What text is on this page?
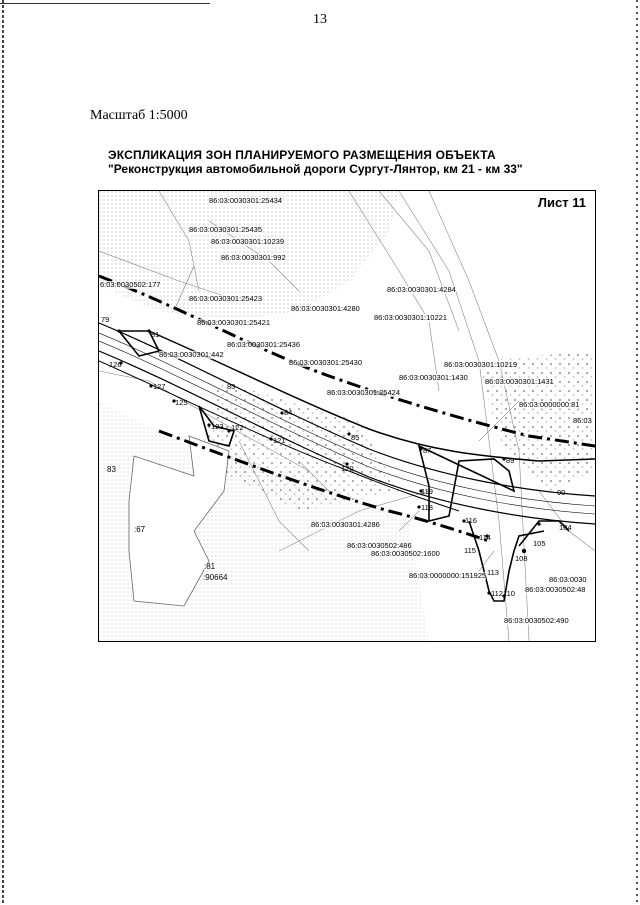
13
Масштаб 1:5000
ЭКСПЛИКАЦИЯ ЗОН ПЛАНИРУЕМОГО РАЗМЕЩЕНИЯ ОБЪЕКТА
"Реконструкция автомобильной дороги Сургут-Лянтор, км 21 - км 33"
Лист 11
86:03:0030301:25434
86:03:0030301:25435
86:03:0030301:10239
86:03:0030301:992
6:03:0030502:177
86:03:0030301:25423
86:03:0030301:4280
86:03:0030301:4284
86:03:0030301:25421
86:03:0030301:10221
86:03:0030301:25436
86:03:0030301:442
86:03:0030301:25430	86:03:0030301:10219
86:03:0030301:1430 86:03:0030301:1431
86:03:0030301:25424
86:03:0000000:81
86:03
86:03:0030301:4286
86:03:0030502:486
86:03:0030502:1600
86:03:0000000:151925	86:03:0030
86:03:0030502:48
86:03:0030502:490
:67
:81
:90664
83
79
81
126
127
125
123 122
83
84
121	85
120
87
119
118
89
116
115
114
113
112 110
105
104
108
90
